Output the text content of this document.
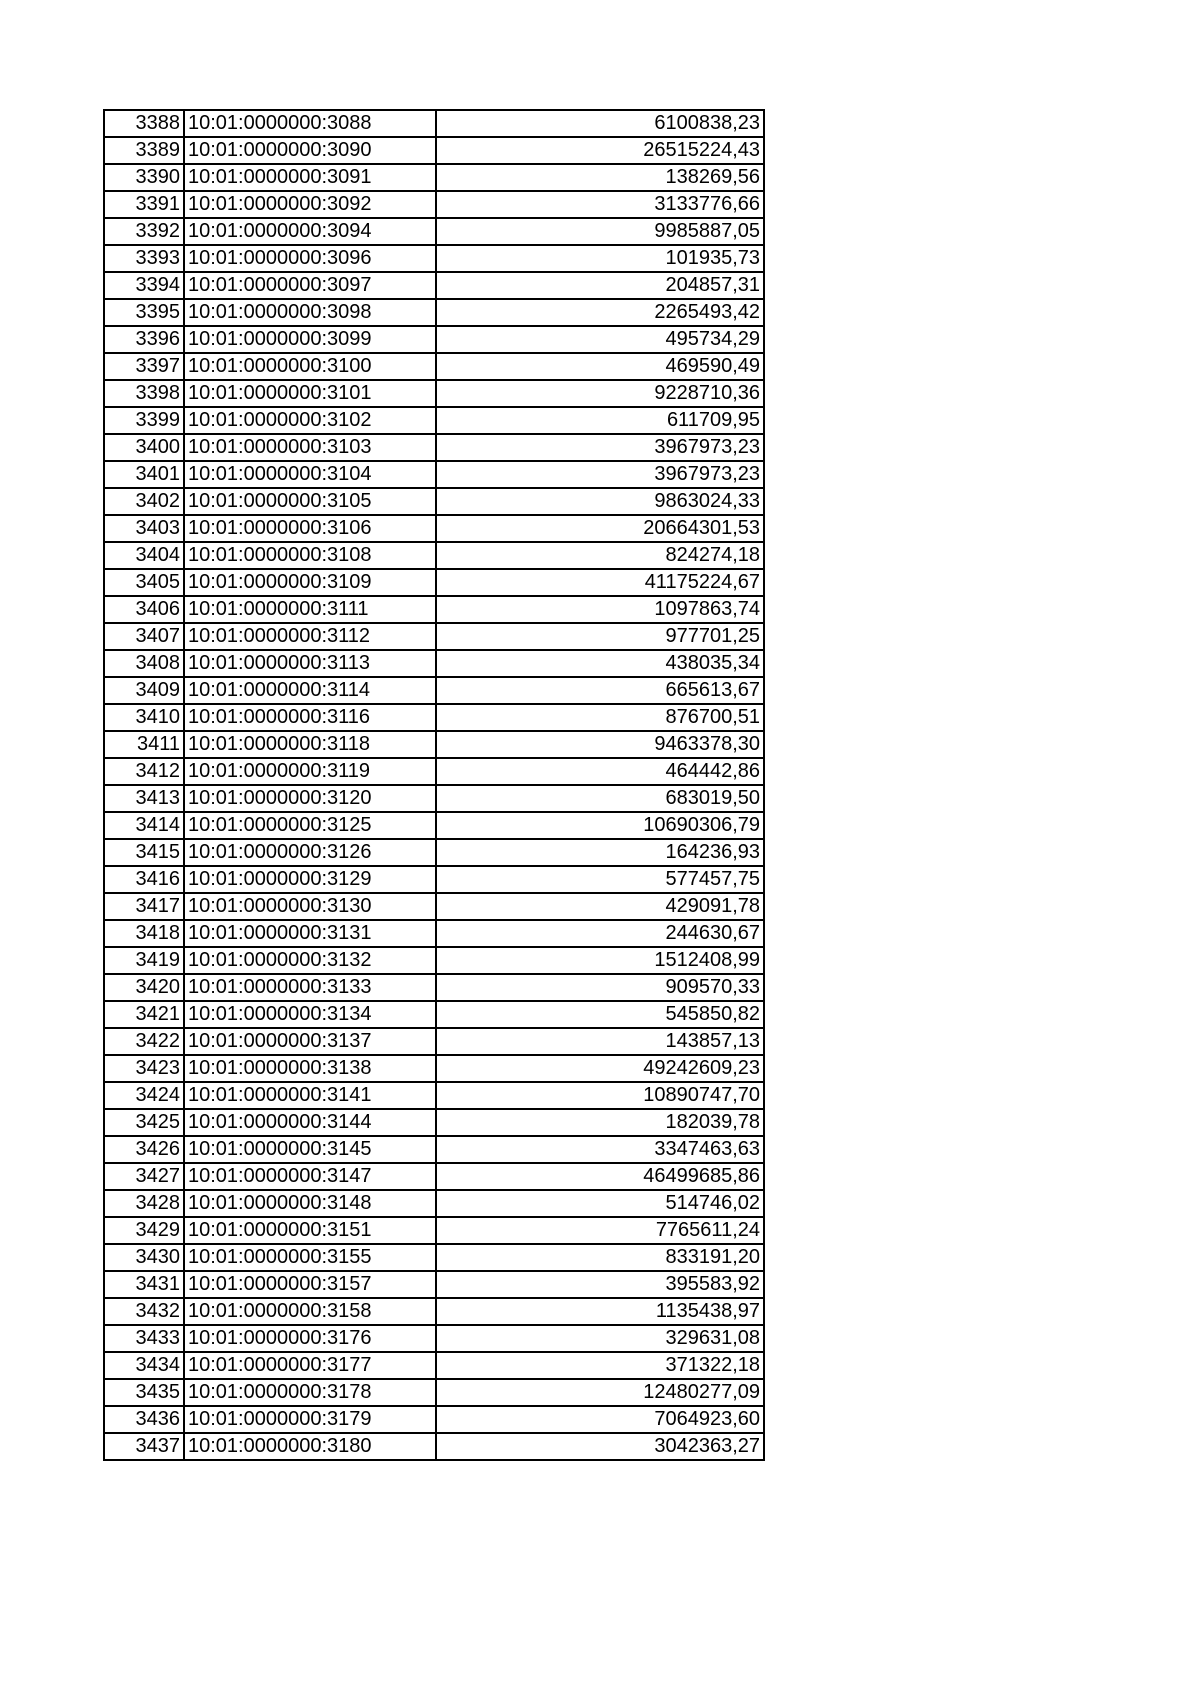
3388	10:01:0000000:3088	6100838,23
3389	10:01:0000000:3090	26515224,43
3390	10:01:0000000:3091	138269,56
3391	10:01:0000000:3092	3133776,66
3392	10:01:0000000:3094	9985887,05
3393	10:01:0000000:3096	101935,73
3394	10:01:0000000:3097	204857,31
3395	10:01:0000000:3098	2265493,42
3396	10:01:0000000:3099	495734,29
3397	10:01:0000000:3100	469590,49
3398	10:01:0000000:3101	9228710,36
3399	10:01:0000000:3102	611709,95
3400	10:01:0000000:3103	3967973,23
3401	10:01:0000000:3104	3967973,23
3402	10:01:0000000:3105	9863024,33
3403	10:01:0000000:3106	20664301,53
3404	10:01:0000000:3108	824274,18
3405	10:01:0000000:3109	41175224,67
3406	10:01:0000000:3111	1097863,74
3407	10:01:0000000:3112	977701,25
3408	10:01:0000000:3113	438035,34
3409	10:01:0000000:3114	665613,67
3410	10:01:0000000:3116	876700,51
3411	10:01:0000000:3118	9463378,30
3412	10:01:0000000:3119	464442,86
3413	10:01:0000000:3120	683019,50
3414	10:01:0000000:3125	10690306,79
3415	10:01:0000000:3126	164236,93
3416	10:01:0000000:3129	577457,75
3417	10:01:0000000:3130	429091,78
3418	10:01:0000000:3131	244630,67
3419	10:01:0000000:3132	1512408,99
3420	10:01:0000000:3133	909570,33
3421	10:01:0000000:3134	545850,82
3422	10:01:0000000:3137	143857,13
3423	10:01:0000000:3138	49242609,23
3424	10:01:0000000:3141	10890747,70
3425	10:01:0000000:3144	182039,78
3426	10:01:0000000:3145	3347463,63
3427	10:01:0000000:3147	46499685,86
3428	10:01:0000000:3148	514746,02
3429	10:01:0000000:3151	7765611,24
3430	10:01:0000000:3155	833191,20
3431	10:01:0000000:3157	395583,92
3432	10:01:0000000:3158	1135438,97
3433	10:01:0000000:3176	329631,08
3434	10:01:0000000:3177	371322,18
3435	10:01:0000000:3178	12480277,09
3436	10:01:0000000:3179	7064923,60
3437	10:01:0000000:3180	3042363,27
